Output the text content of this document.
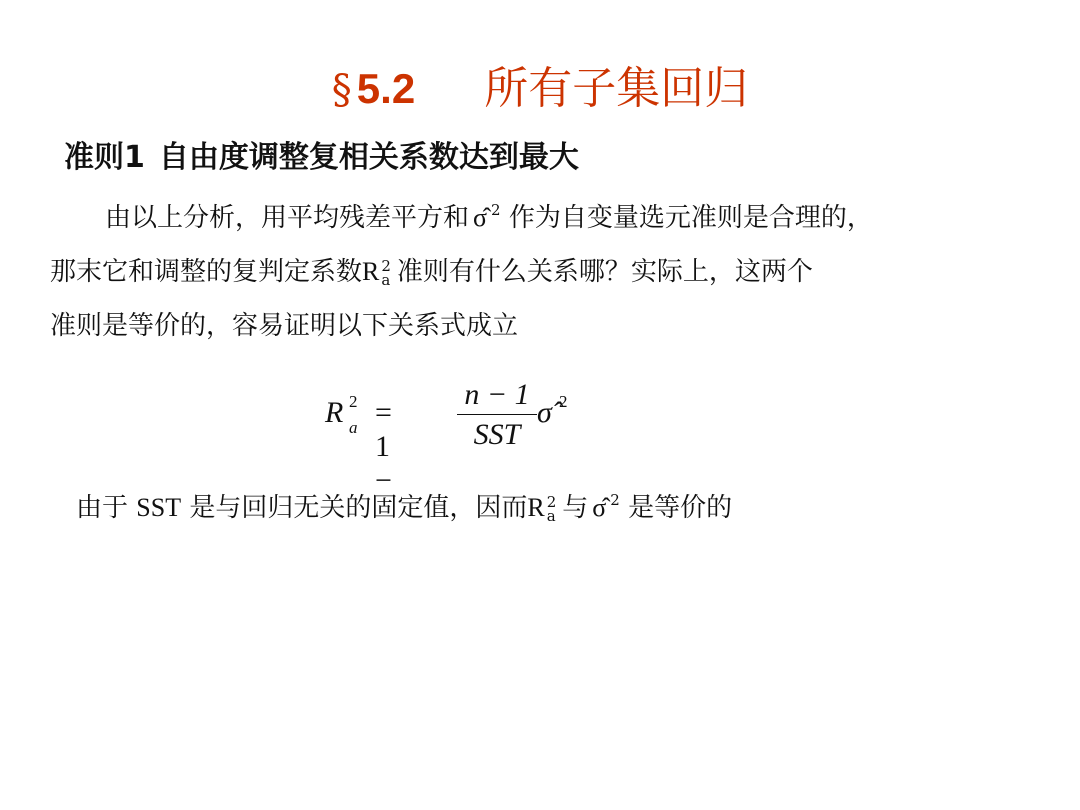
§ 5.2 所有子集回归
准则1 自由度调整复相关系数达到最大
由以上分析，用平均残差平方和 σ̂ $^2$ 作为自变量选元准则是合理的，
那末它和调整的复判定系数R 2
a 准则有什么关系哪？实际上，这两个
准则是等价的，容易证明以下关系式成立
R 2
a = 1 −
n − 1
SST
σ̂ 2
由于 SST 是与回归无关的固定值，因而R 2
a 与 σ̂ $^2$ 是等价的
